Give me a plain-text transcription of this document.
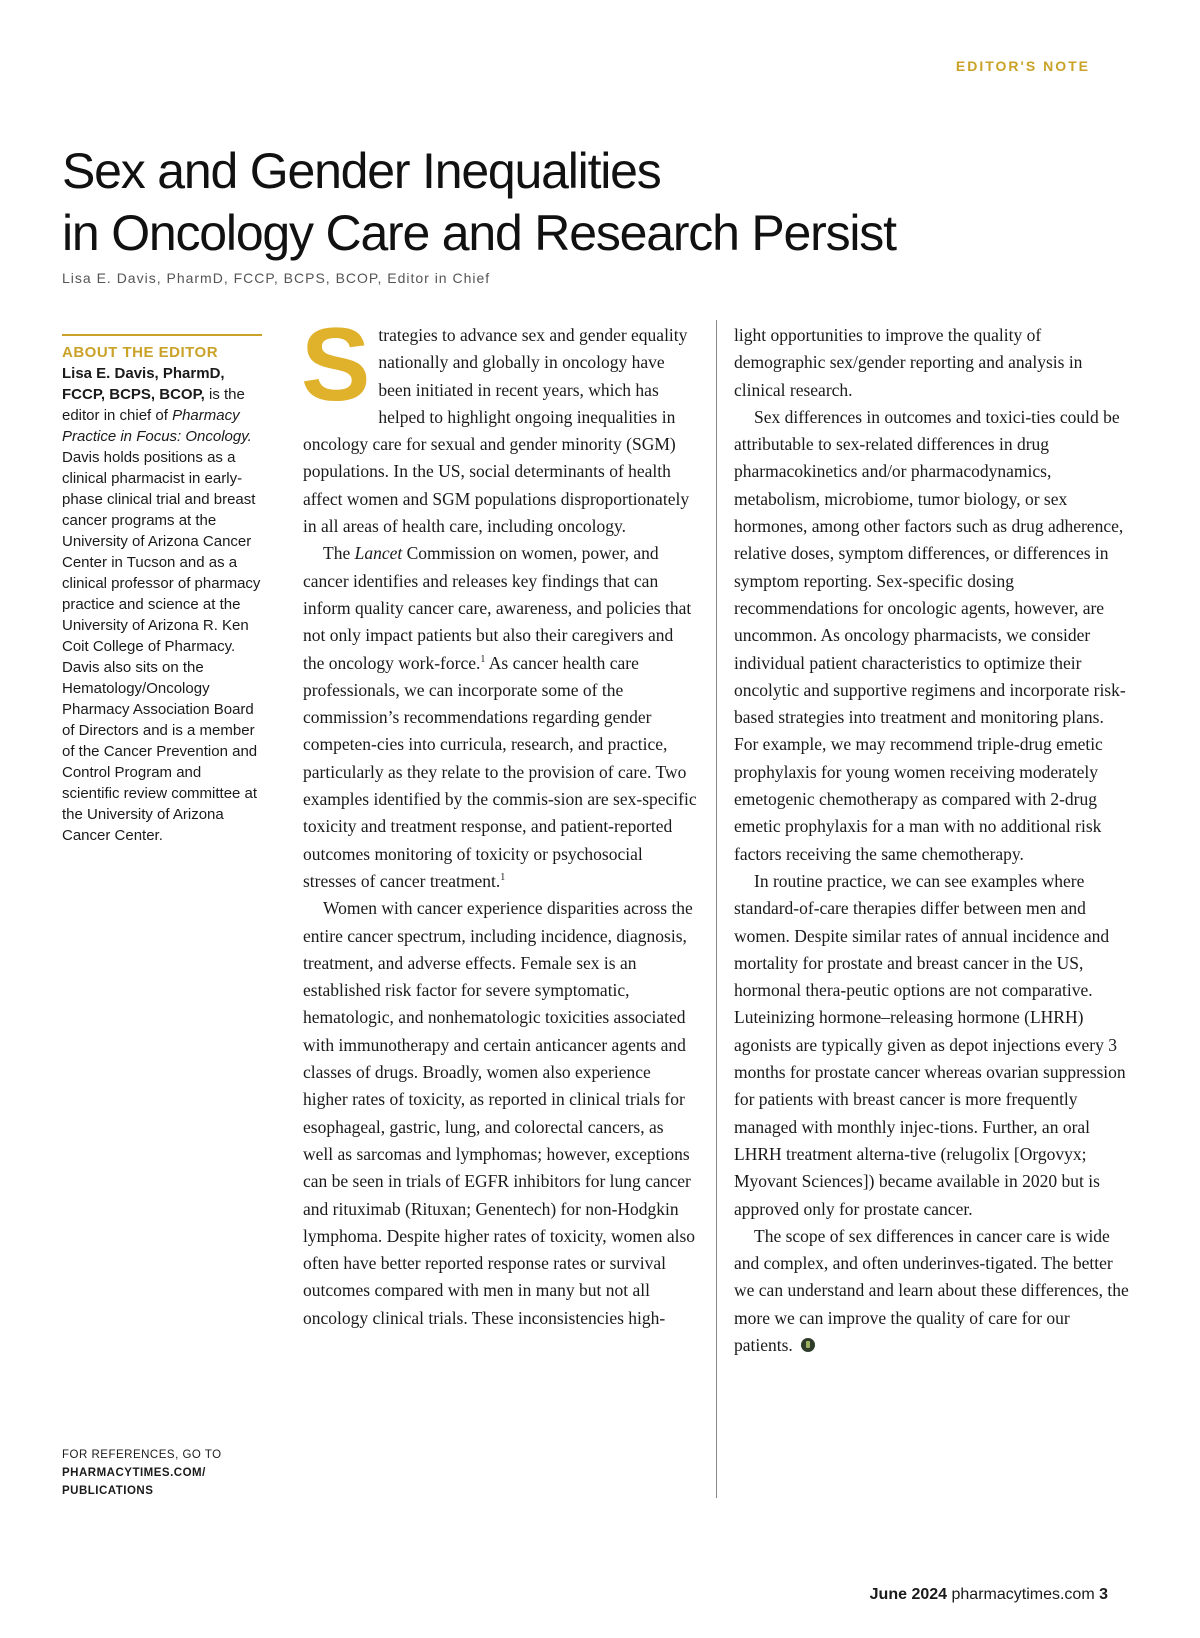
EDITOR'S NOTE
Sex and Gender Inequalities
in Oncology Care and Research Persist
Lisa E. Davis, PharmD, FCCP, BCPS, BCOP, Editor in Chief
ABOUT THE EDITOR
Lisa E. Davis, PharmD, FCCP, BCPS, BCOP, is the editor in chief of Pharmacy Practice in Focus: Oncology. Davis holds positions as a clinical pharmacist in early-phase clinical trial and breast cancer programs at the University of Arizona Cancer Center in Tucson and as a clinical professor of pharmacy practice and science at the University of Arizona R. Ken Coit College of Pharmacy. Davis also sits on the Hematology/Oncology Pharmacy Association Board of Directors and is a member of the Cancer Prevention and Control Program and scientific review committee at the University of Arizona Cancer Center.
FOR REFERENCES, GO TO
PHARMACYTIMES.COM/
PUBLICATIONS

Strategies to advance sex and gender equality nationally and globally in oncology have been initiated in recent years, which has helped to highlight ongoing inequalities in oncology care for sexual and gender minority (SGM) populations. In the US, social determinants of health affect women and SGM populations disproportionately in all areas of health care, including oncology.

The Lancet Commission on women, power, and cancer identifies and releases key findings that can inform quality cancer care, awareness, and policies that not only impact patients but also their caregivers and the oncology work-force.$^1$ As cancer health care professionals, we can incorporate some of the commission’s recommendations regarding gender competen-cies into curricula, research, and practice, particularly as they relate to the provision of care. Two examples identified by the commis-sion are sex-specific toxicity and treatment response, and patient-reported outcomes monitoring of toxicity or psychosocial stresses of cancer treatment.$^1$

Women with cancer experience disparities across the entire cancer spectrum, including incidence, diagnosis, treatment, and adverse effects. Female sex is an established risk factor for severe symptomatic, hematologic, and nonhematologic toxicities associated with immunotherapy and certain anticancer agents and classes of drugs. Broadly, women also experience higher rates of toxicity, as reported in clinical trials for esophageal, gastric, lung, and colorectal cancers, as well as sarcomas and lymphomas; however, exceptions can be seen in trials of EGFR inhibitors for lung cancer and rituximab (Rituxan; Genentech) for non-Hodgkin lymphoma. Despite higher rates of toxicity, women also often have better reported response rates or survival outcomes compared with men in many but not all oncology clinical trials. These inconsistencies high-

light opportunities to improve the quality of demographic sex/gender reporting and analysis in clinical research.

Sex differences in outcomes and toxici-ties could be attributable to sex-related differences in drug pharmacokinetics and/or pharmacodynamics, metabolism, microbiome, tumor biology, or sex hormones, among other factors such as drug adherence, relative doses, symptom differences, or differences in symptom reporting. Sex-specific dosing recommendations for oncologic agents, however, are uncommon. As oncology pharmacists, we consider individual patient characteristics to optimize their oncolytic and supportive regimens and incorporate risk-based strategies into treatment and monitoring plans. For example, we may recommend triple-drug emetic prophylaxis for young women receiving moderately emetogenic chemotherapy as compared with 2-drug emetic prophylaxis for a man with no additional risk factors receiving the same chemotherapy.

In routine practice, we can see examples where standard-of-care therapies differ between men and women. Despite similar rates of annual incidence and mortality for prostate and breast cancer in the US, hormonal thera-peutic options are not comparative. Luteinizing hormone–releasing hormone (LHRH) agonists are typically given as depot injections every 3 months for prostate cancer whereas ovarian suppression for patients with breast cancer is more frequently managed with monthly injec-tions. Further, an oral LHRH treatment alterna-tive (relugolix [Orgovyx; Myovant Sciences]) became available in 2020 but is approved only for prostate cancer.

The scope of sex differences in cancer care is wide and complex, and often underinves-tigated. The better we can understand and learn about these differences, the more we can improve the quality of care for our patients.

June 2024 pharmacytimes.com 3
